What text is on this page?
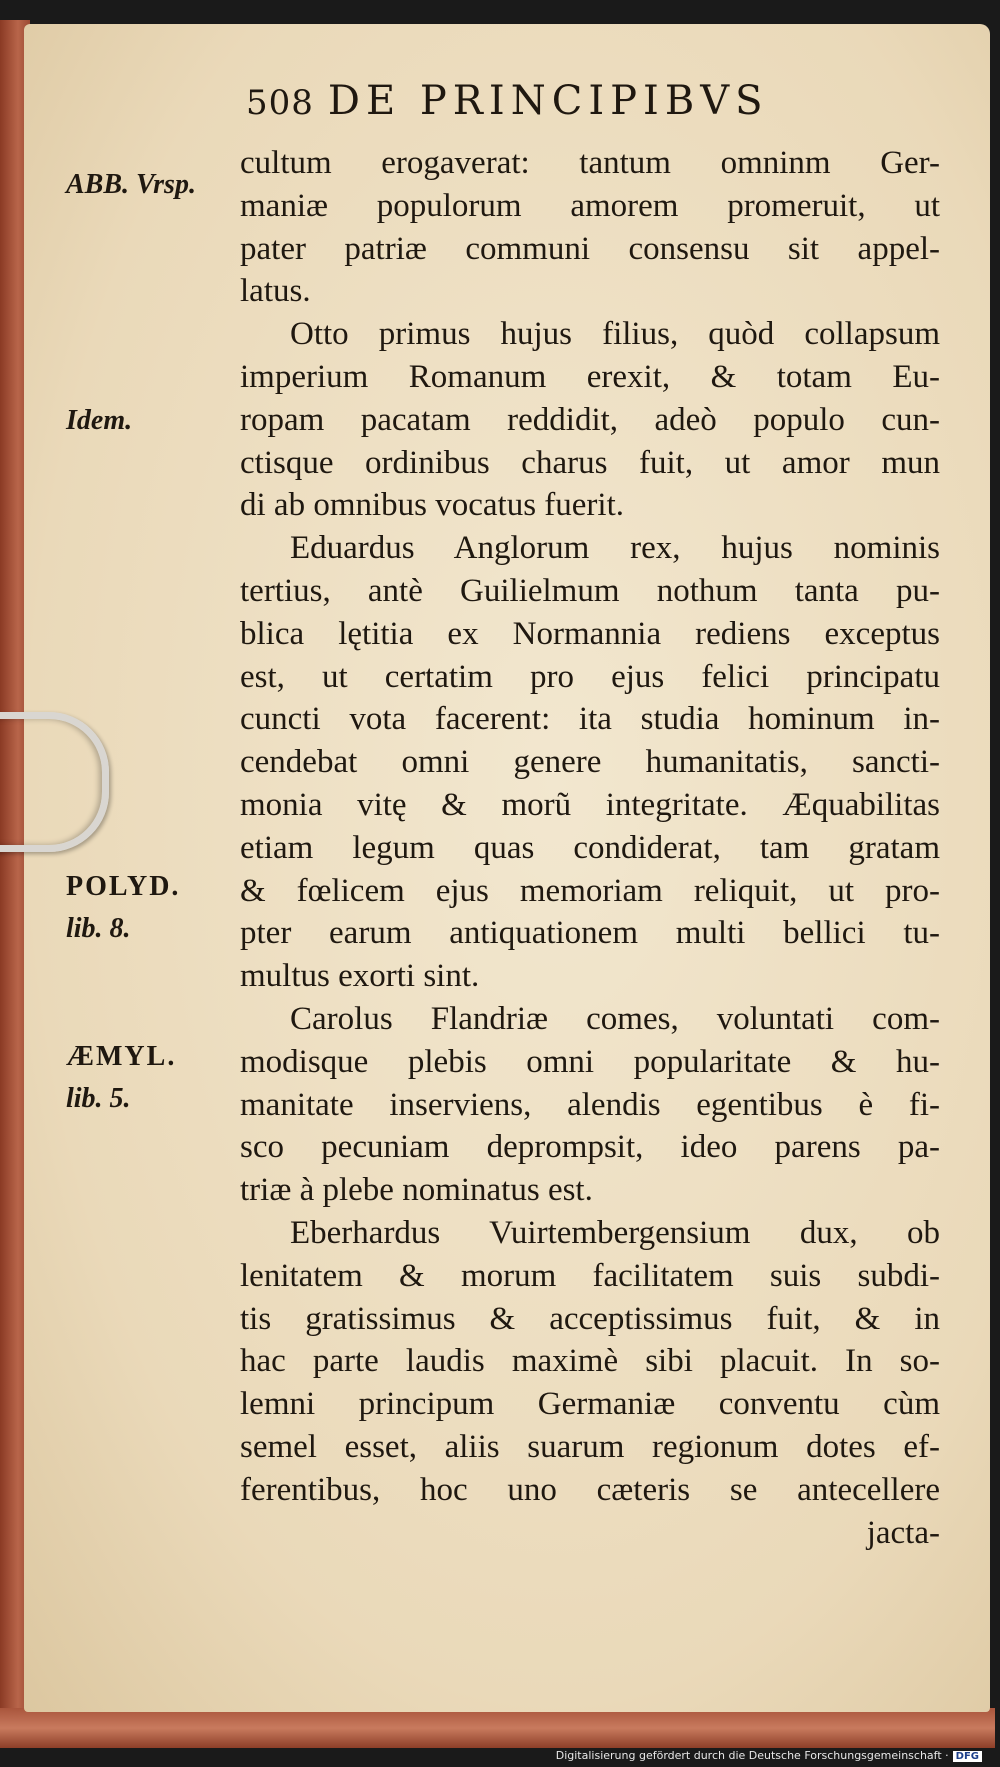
508 DE PRINCIPIBVS

ABB. Vrsp.

Idem.

POLYD.
lib. 8.

ÆMYL.
lib. 5.

cultum erogaverat: tantum omninm Ger-
maniæ populorum amorem promeruit, ut
pater patriæ communi consensu sit appel-
latus.
Otto primus hujus filius, quòd collapsum
imperium Romanum erexit, & totam Eu-
ropam pacatam reddidit, adeò populo cun-
ctisque ordinibus charus fuit, ut amor mun
di ab omnibus vocatus fuerit.
Eduardus Anglorum rex, hujus nominis
tertius, antè Guilielmum nothum tanta pu-
blica lętitia ex Normannia rediens exceptus
est, ut certatim pro ejus felici principatu
cuncti vota facerent: ita studia hominum in-
cendebat omni genere humanitatis, sancti-
monia vitę & morũ integritate. Æquabilitas
etiam legum quas condiderat, tam gratam
& fœlicem ejus memoriam reliquit, ut pro-
pter earum antiquationem multi bellici tu-
multus exorti sint.
Carolus Flandriæ comes, voluntati com-
modisque plebis omni popularitate & hu-
manitate inserviens, alendis egentibus è fi-
sco pecuniam deprompsit, ideo parens pa-
triæ à plebe nominatus est.
Eberhardus Vuirtembergensium dux, ob
lenitatem & morum facilitatem suis subdi-
tis gratissimus & acceptissimus fuit, & in
hac parte laudis maximè sibi placuit. In so-
lemni principum Germaniæ conventu cùm
semel esset, aliis suarum regionum dotes ef-
ferentibus, hoc uno cæteris se antecellere
jacta-
Digitalisierung gefördert durch die Deutsche Forschungsgemeinschaft · DFG
